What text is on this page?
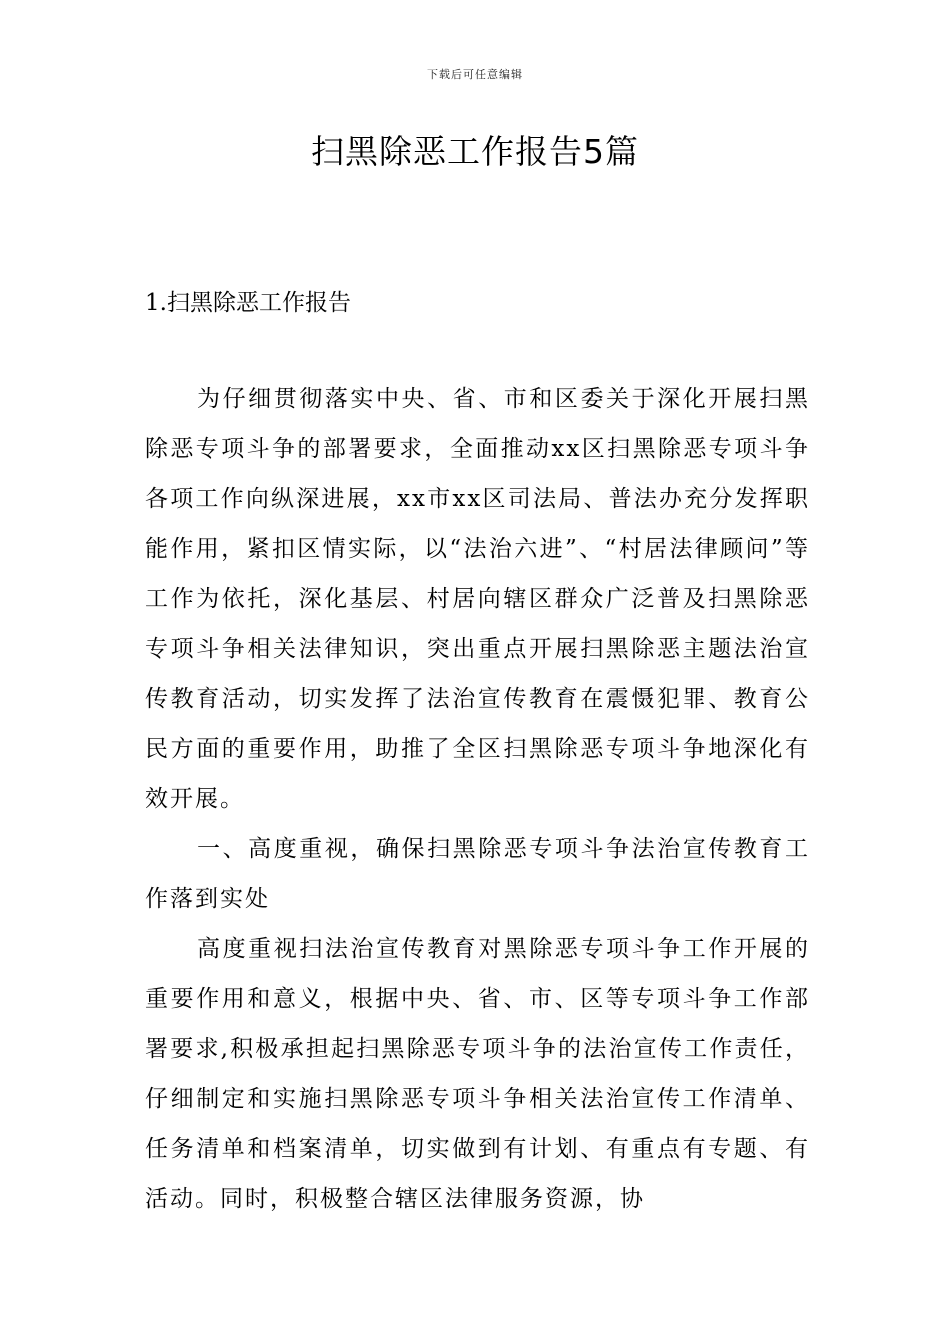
下载后可任意编辑
扫黑除恶工作报告5篇
1.扫黑除恶工作报告

为仔细贯彻落实中央、省、市和区委关于深化开展扫黑除恶专项斗争的部署要求，全面推动xx区扫黑除恶专项斗争各项工作向纵深进展，xx市xx区司法局、普法办充分发挥职能作用，紧扣区情实际，以“法治六进”、“村居法律顾问”等工作为依托，深化基层、村居向辖区群众广泛普及扫黑除恶专项斗争相关法律知识，突出重点开展扫黑除恶主题法治宣传教育活动，切实发挥了法治宣传教育在震慑犯罪、教育公民方面的重要作用，助推了全区扫黑除恶专项斗争地深化有效开展。

一、高度重视，确保扫黑除恶专项斗争法治宣传教育工作落到实处

高度重视扫法治宣传教育对黑除恶专项斗争工作开展的重要作用和意义，根据中央、省、市、区等专项斗争工作部署要求,积极承担起扫黑除恶专项斗争的法治宣传工作责任，仔细制定和实施扫黑除恶专项斗争相关法治宣传工作清单、任务清单和档案清单，切实做到有计划、有重点有专题、有活动。同时，积极整合辖区法律服务资源，协
